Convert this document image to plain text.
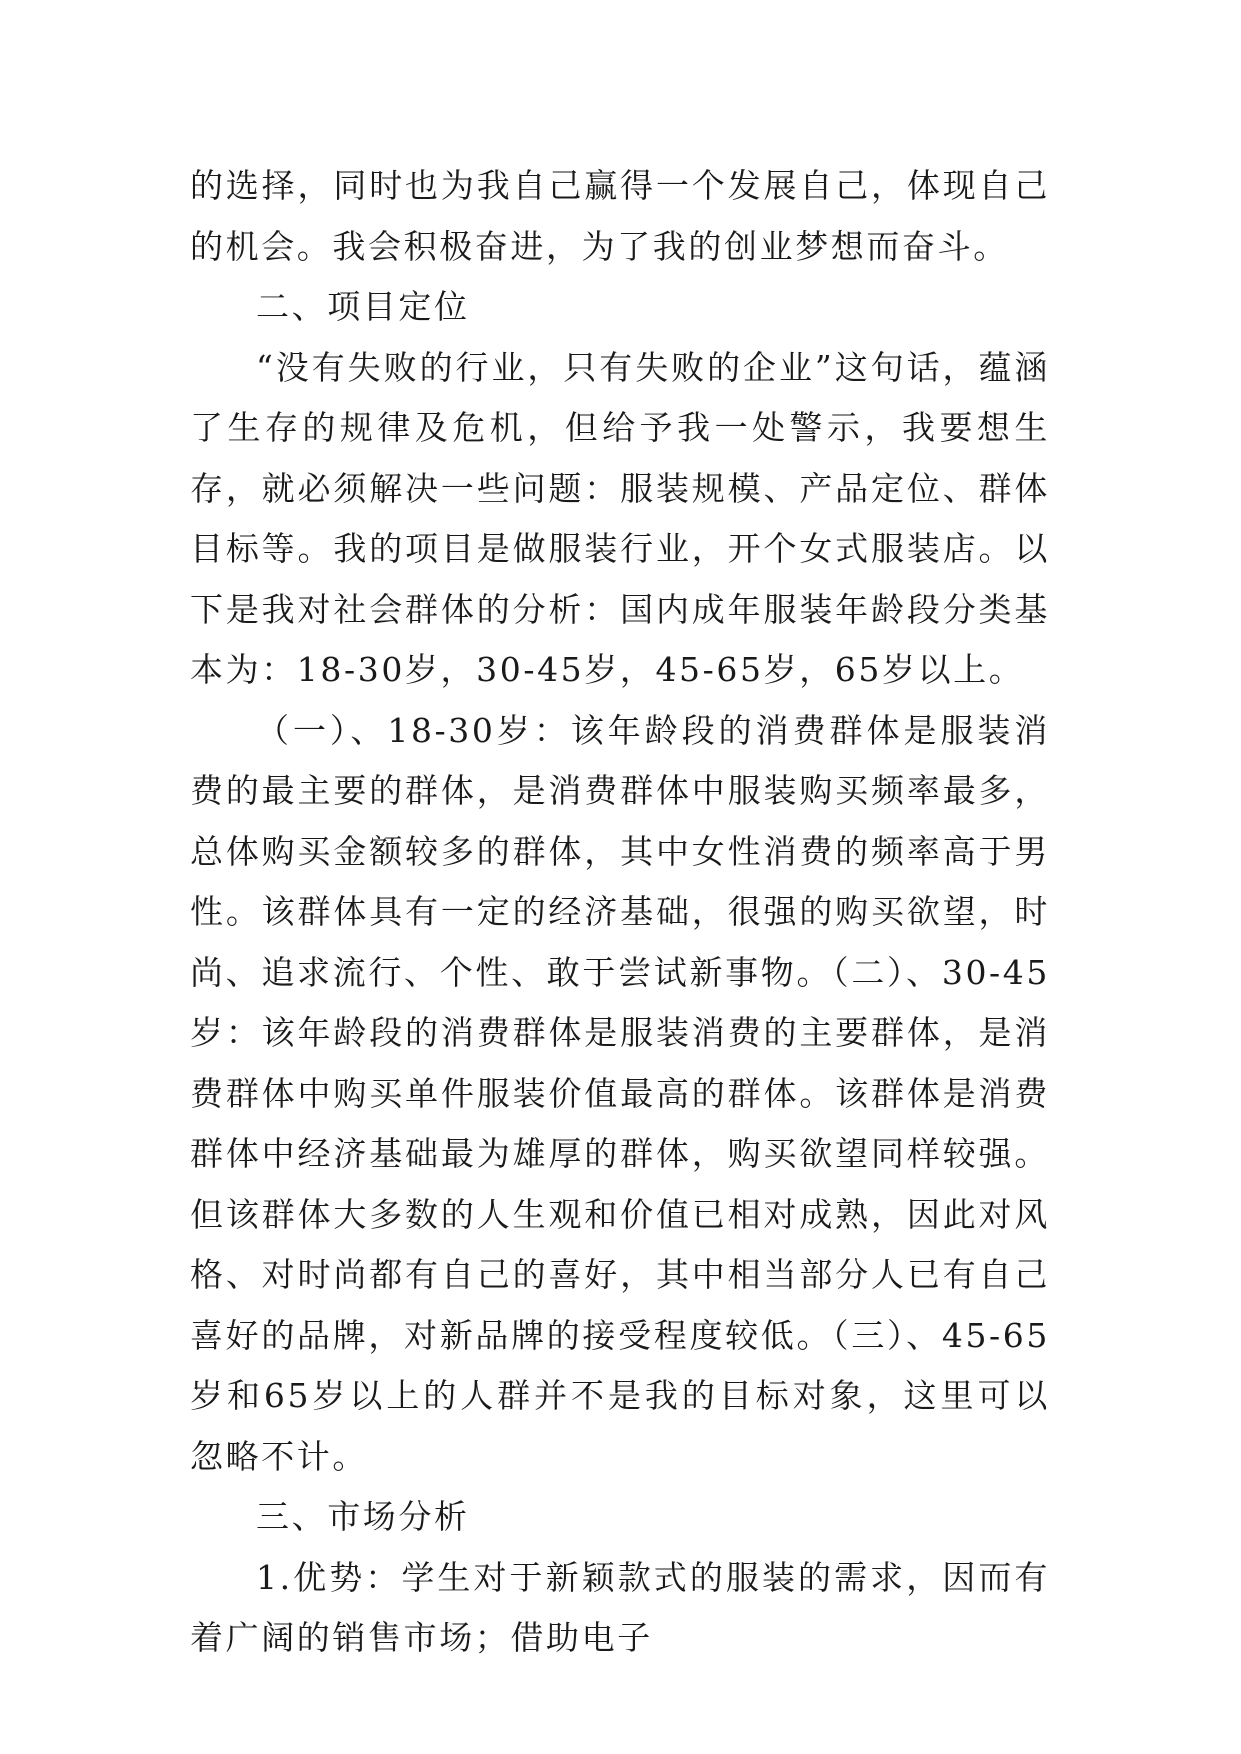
的选择，同时也为我自己赢得一个发展自己，体现自己的机会。我会积极奋进，为了我的创业梦想而奋斗。

二、项目定位

“没有失败的行业，只有失败的企业”这句话，蕴涵了生存的规律及危机，但给予我一处警示，我要想生存，就必须解决一些问题：服装规模、产品定位、群体目标等。我的项目是做服装行业，开个女式服装店。以下是我对社会群体的分析：国内成年服装年龄段分类基本为：18-30岁，30-45岁，45-65岁，65岁以上。

（一）、18-30岁：该年龄段的消费群体是服装消费的最主要的群体，是消费群体中服装购买频率最多，总体购买金额较多的群体，其中女性消费的频率高于男性。该群体具有一定的经济基础，很强的购买欲望，时尚、追求流行、个性、敢于尝试新事物。（二）、30-45岁：该年龄段的消费群体是服装消费的主要群体，是消费群体中购买单件服装价值最高的群体。该群体是消费群体中经济基础最为雄厚的群体，购买欲望同样较强。但该群体大多数的人生观和价值已相对成熟，因此对风格、对时尚都有自己的喜好，其中相当部分人已有自己喜好的品牌，对新品牌的接受程度较低。（三）、45-65岁和65岁以上的人群并不是我的目标对象，这里可以忽略不计。

三、市场分析

1.优势：学生对于新颖款式的服装的需求，因而有着广阔的销售市场；借助电子
